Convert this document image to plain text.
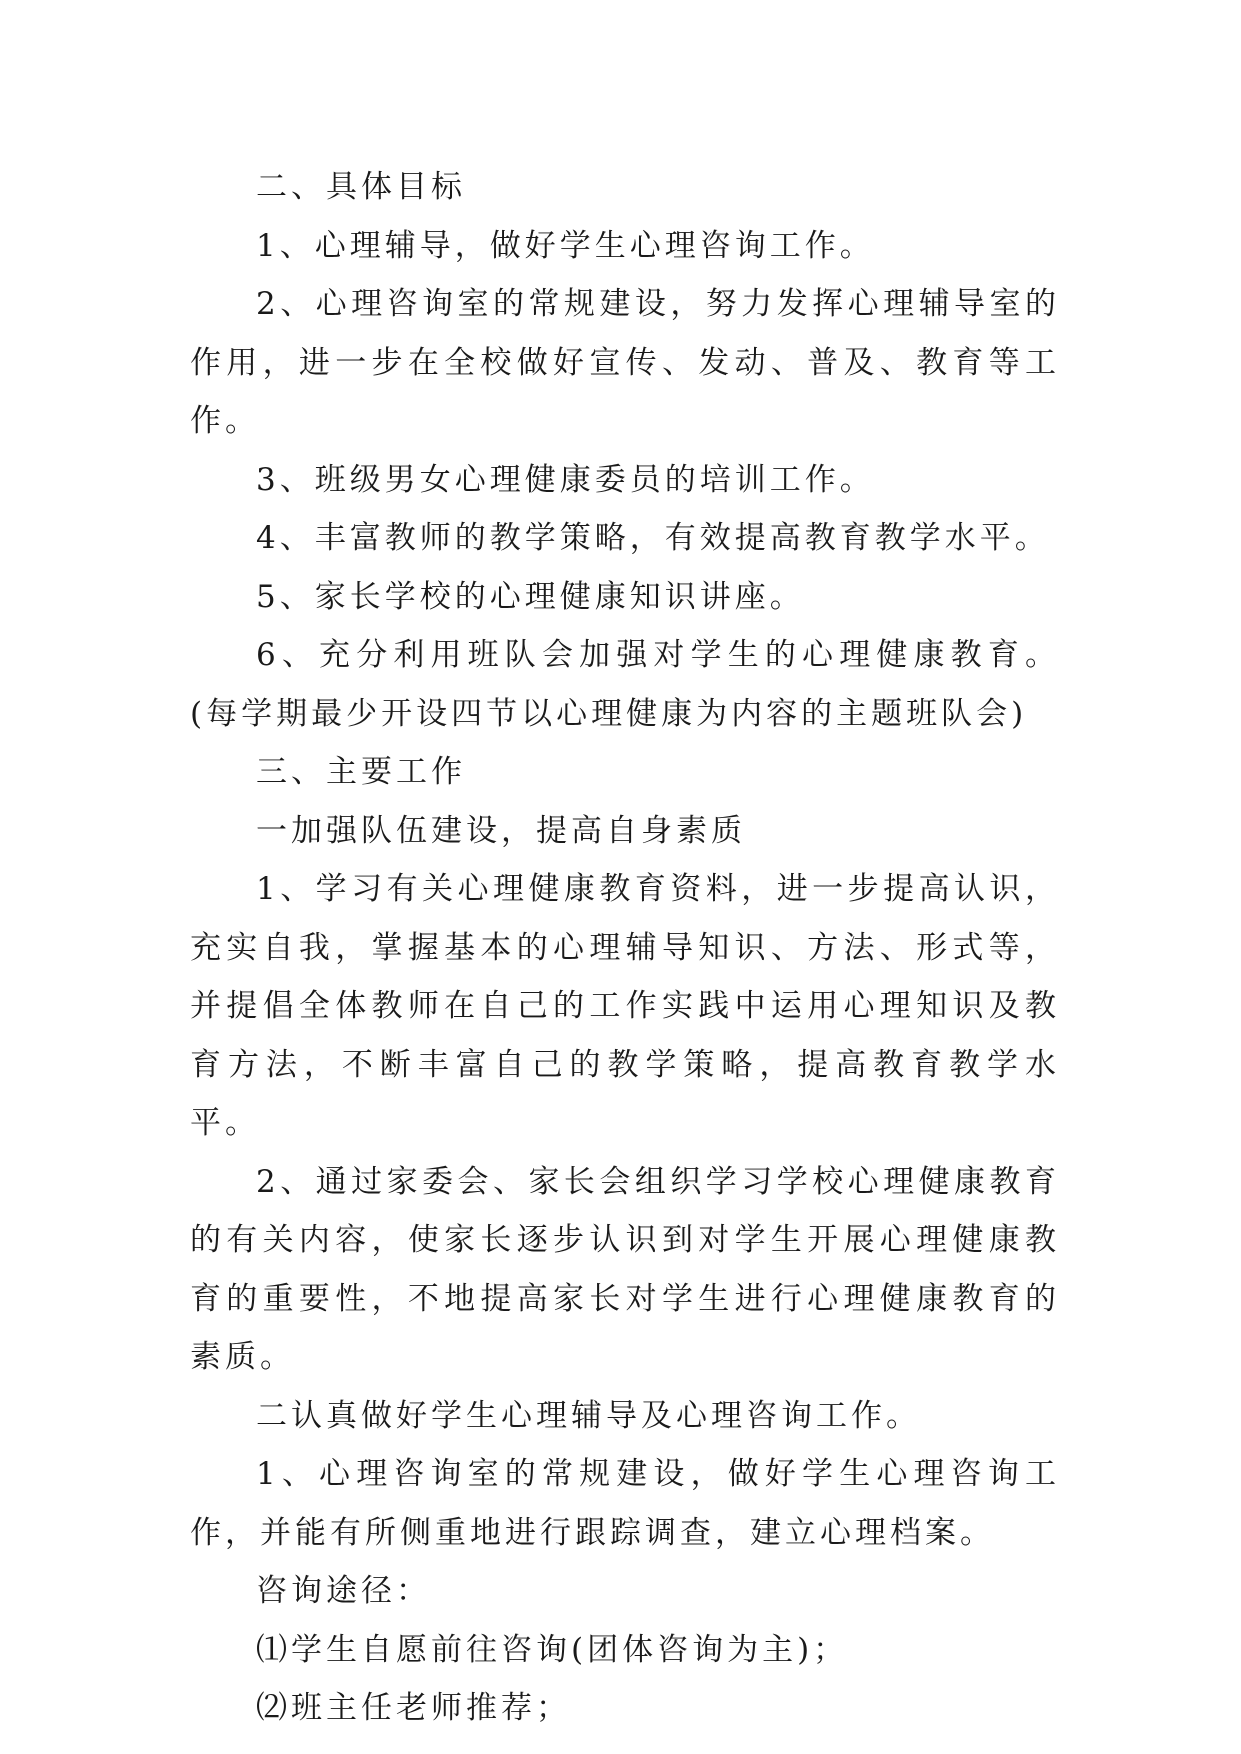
二、具体目标

1、心理辅导，做好学生心理咨询工作。

2、心理咨询室的常规建设，努力发挥心理辅导室的作用，进一步在全校做好宣传、发动、普及、教育等工作。

3、班级男女心理健康委员的培训工作。

4、丰富教师的教学策略，有效提高教育教学水平。

5、家长学校的心理健康知识讲座。

6、充分利用班队会加强对学生的心理健康教育。(每学期最少开设四节以心理健康为内容的主题班队会)

三、主要工作

一加强队伍建设，提高自身素质

1、学习有关心理健康教育资料，进一步提高认识，充实自我，掌握基本的心理辅导知识、方法、形式等，并提倡全体教师在自己的工作实践中运用心理知识及教育方法，不断丰富自己的教学策略，提高教育教学水平。

2、通过家委会、家长会组织学习学校心理健康教育的有关内容，使家长逐步认识到对学生开展心理健康教育的重要性，不地提高家长对学生进行心理健康教育的素质。

二认真做好学生心理辅导及心理咨询工作。

1、心理咨询室的常规建设，做好学生心理咨询工作，并能有所侧重地进行跟踪调查，建立心理档案。

咨询途径：

⑴学生自愿前往咨询(团体咨询为主)；

⑵班主任老师推荐；
